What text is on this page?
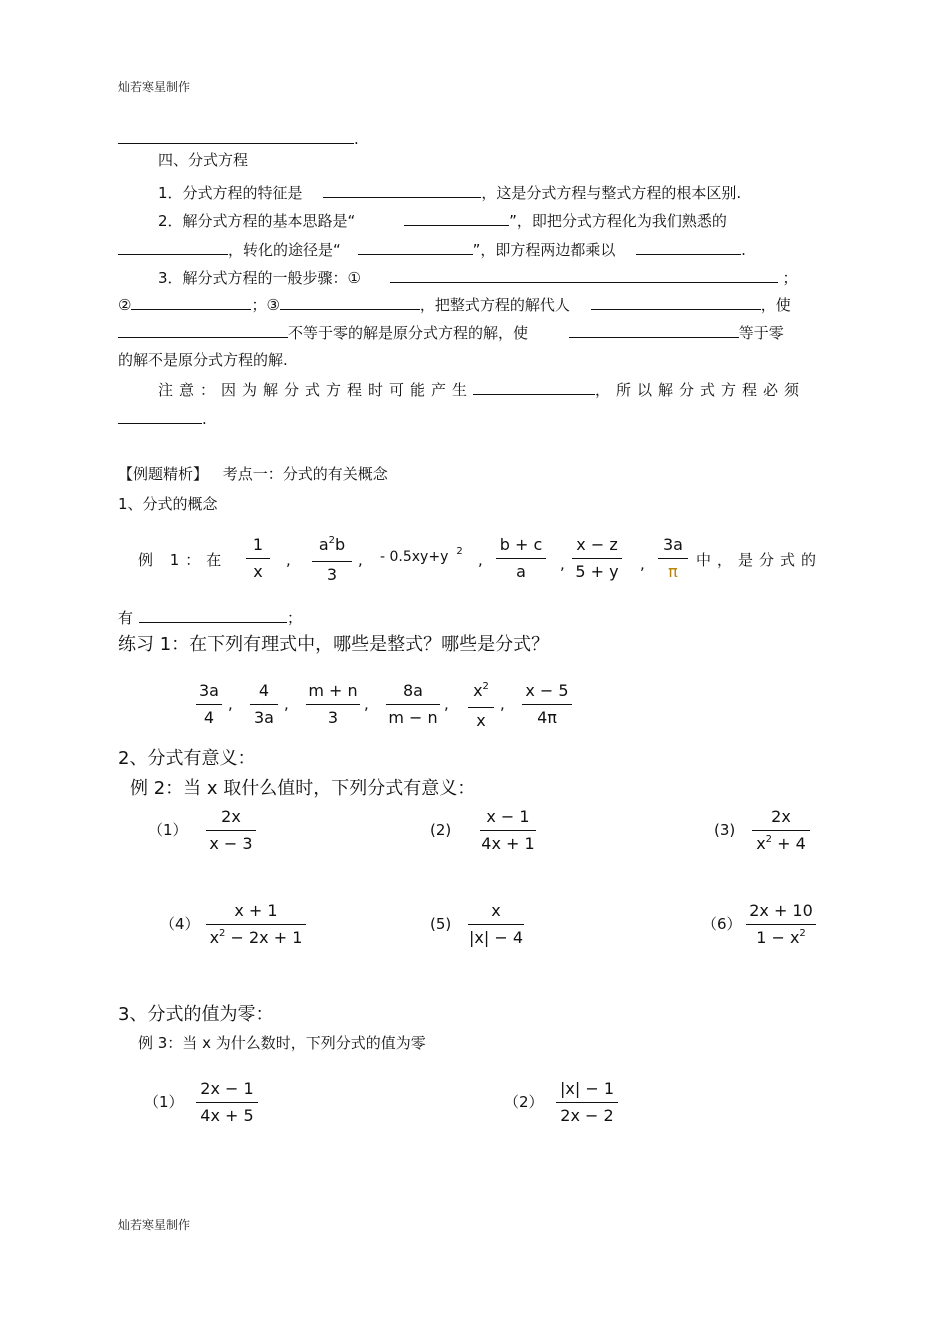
灿若寒星制作
灿若寒星制作
.
四、分式方程
1．分式方程的特征是	，这是分式方程与整式方程的根本区别.
2．解分式方程的基本思路是“	”，即把分式方程化为我们熟悉的
，转化的途径是“	”，即方程两边都乘以	.
3．解分式方程的一般步骤：①	；
②	；③	，把整式方程的解代人	，使
不等于零的解是原分式方程的解，使	等于零
的解不是原分式方程的解.
注意：因为解分式方程时可能产生	，所以解分式方程必须
.
【例题精析】 考点一：分式的有关概念
1、分式的概念
例 1：在
1
x
,
$a^2b$
3
, - 0.5xy+y $^2$ ,
b + c
a	,
x − z
5 + y ,
3a
π
中，是分式的
有	；
练习 1：在下列有理式中，哪些是整式？哪些是分式？
3a
4
,
4
3a
,
m + n
3
,
8a
m − n
,
$x^2$
x
,
x − 5
4π
2、分式有意义：
例 2：当 x 取什么值时，下列分式有意义：
（1）
2x
x − 3
(2)
x − 1
4x + 1
(3)
2x
$x^2 + 4$
（4）
x + 1
$x^2 - 2x + 1$
(5)
x
|x| − 4
（6）
2x + 10
$1 - x^2$
3、分式的值为零：
例 3：当 x 为什么数时，下列分式的值为零
（1）
2x − 1
4x + 5
（2）
|x| − 1
2x − 2
